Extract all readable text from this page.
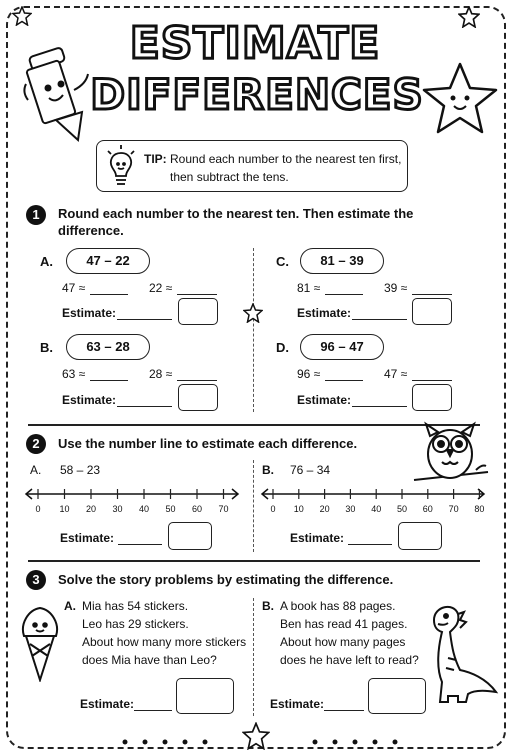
ESTIMATE
DIFFERENCES
TIP: Round each number to the nearest ten first,
then subtract the tens.
1	Round each number to the nearest ten. Then estimate the
difference.
A.	47 – 22
47 ≈	22 ≈
Estimate:
C.	81 – 39
81 ≈	39 ≈
Estimate:
B.	63 – 28
63 ≈	28 ≈
Estimate:
D.	96 – 47
96 ≈	47 ≈
Estimate:
2	Use the number line to estimate each difference.
A. 58 – 23
0 10 20 30 40 50 60 70
Estimate:
B. 76 – 34
0 10 20 30 40 50 60 70 80
Estimate:
3	Solve the story problems by estimating the difference.
A. Mia has 54 stickers.
Leo has 29 stickers.
About how many more stickers
does Mia have than Leo?
Estimate:
B. A book has 88 pages.
Ben has read 41 pages.
About how many pages
does he have left to read?
Estimate:
